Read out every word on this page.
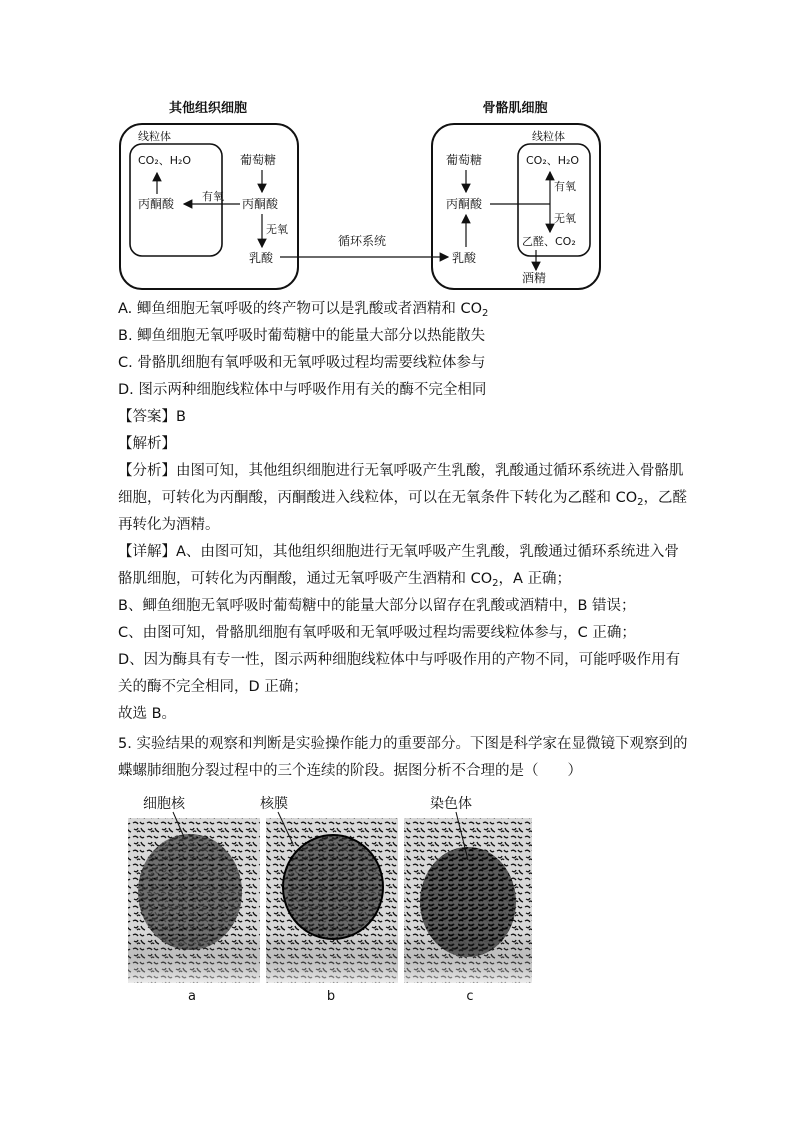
其他组织细胞	骨骼肌细胞
线粒体
CO₂、H₂O
丙酮酸
葡萄糖
丙酮酸
有氧
无氧
乳酸
循环系统
线粒体
葡萄糖
丙酮酸
乳酸
CO₂、H₂O
有氧
无氧
乙醛、CO₂
酒精
A. 鲫鱼细胞无氧呼吸的终产物可以是乳酸或者酒精和 $CO_2$
B. 鲫鱼细胞无氧呼吸时葡萄糖中的能量大部分以热能散失
C. 骨骼肌细胞有氧呼吸和无氧呼吸过程均需要线粒体参与
D. 图示两种细胞线粒体中与呼吸作用有关的酶不完全相同
【答案】B
【解析】
【分析】由图可知，其他组织细胞进行无氧呼吸产生乳酸，乳酸通过循环系统进入骨骼肌
细胞，可转化为丙酮酸，丙酮酸进入线粒体，可以在无氧条件下转化为乙醛和 $CO_2$，乙醛
再转化为酒精。
【详解】A、由图可知，其他组织细胞进行无氧呼吸产生乳酸，乳酸通过循环系统进入骨
骼肌细胞，可转化为丙酮酸，通过无氧呼吸产生酒精和 $CO_2$，A 正确；
B、鲫鱼细胞无氧呼吸时葡萄糖中的能量大部分以留存在乳酸或酒精中，B 错误；
C、由图可知，骨骼肌细胞有氧呼吸和无氧呼吸过程均需要线粒体参与，C 正确；
D、因为酶具有专一性，图示两种细胞线粒体中与呼吸作用的产物不同，可能呼吸作用有
关的酶不完全相同，D 正确；
故选 B。
5. 实验结果的观察和判断是实验操作能力的重要部分。下图是科学家在显微镜下观察到的
蝶螺肺细胞分裂过程中的三个连续的阶段。据图分析不合理的是（　　）
细胞核	核膜	染色体
a	b	c
